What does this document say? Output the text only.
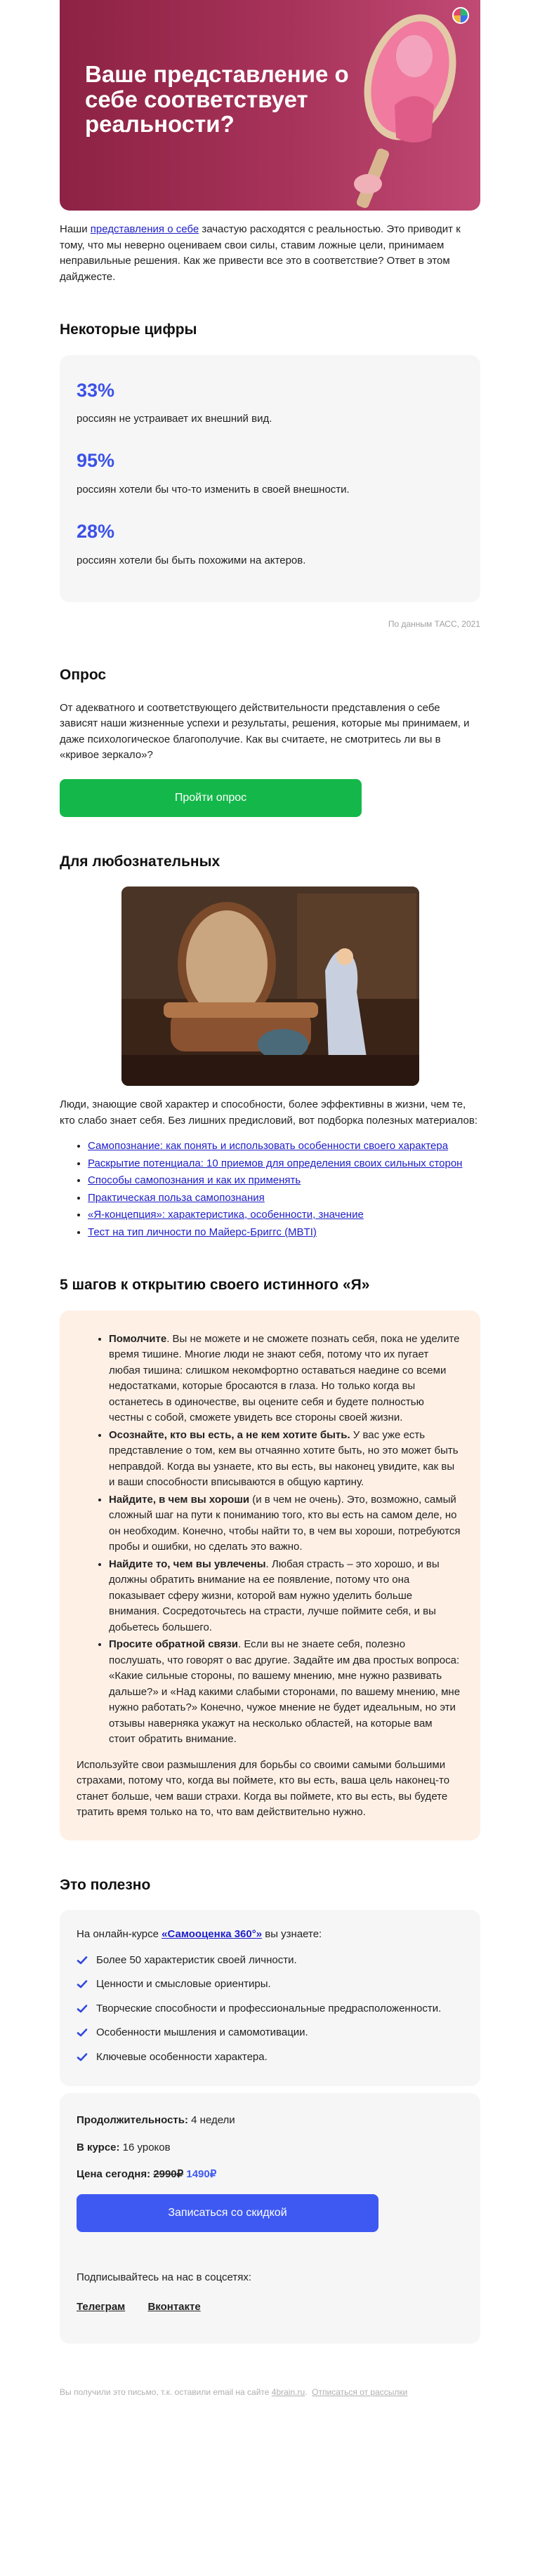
Ваше представление о себе соответствует реальности?

Наши представления о себе зачастую расходятся с реальностью. Это приводит к тому, что мы неверно оцениваем свои силы, ставим ложные цели, принимаем неправильные решения. Как же привести все это в соответствие? Ответ в этом дайджесте.

Некоторые цифры
33%
россиян не устраивает их внешний вид.
95%
россиян хотели бы что-то изменить в своей внешности.
28%
россиян хотели бы быть похожими на актеров.
По данным ТАСС, 2021
Опрос

От адекватного и соответствующего действительности представления о себе зависят наши жизненные успехи и результаты, решения, которые мы принимаем, и даже психологическое благополучие. Как вы считаете, не смотритесь ли вы в «кривое зеркало»?

Пройти опрос
Для любознательных

Люди, знающие свой характер и способности, более эффективны в жизни, чем те, кто слабо знает себя. Без лишних предисловий, вот подборка полезных материалов:

• Самопознание: как понять и использовать особенности своего характера
• Раскрытие потенциала: 10 приемов для определения своих сильных сторон
• Способы самопознания и как их применять
• Практическая польза самопознания
• «Я-концепция»: характеристика, особенности, значение
• Тест на тип личности по Майерс-Бриггс (MBTI)
5 шагов к открытию своего истинного «Я»
• Помолчите. Вы не можете и не сможете познать себя, пока не уделите время тишине. Многие люди не знают себя, потому что их пугает любая тишина: слишком некомфортно оставаться наедине со всеми недостатками, которые бросаются в глаза. Но только когда вы останетесь в одиночестве, вы оцените себя и будете полностью честны с собой, сможете увидеть все стороны своей жизни.
• Осознайте, кто вы есть, а не кем хотите быть. У вас уже есть представление о том, кем вы отчаянно хотите быть, но это может быть неправдой. Когда вы узнаете, кто вы есть, вы наконец увидите, как вы и ваши способности вписываются в общую картину.
• Найдите, в чем вы хороши (и в чем не очень). Это, возможно, самый сложный шаг на пути к пониманию того, кто вы есть на самом деле, но он необходим. Конечно, чтобы найти то, в чем вы хороши, потребуются пробы и ошибки, но сделать это важно.
• Найдите то, чем вы увлечены. Любая страсть – это хорошо, и вы должны обратить внимание на ее появление, потому что она показывает сферу жизни, которой вам нужно уделить больше внимания. Сосредоточьтесь на страсти, лучше поймите себя, и вы добьетесь большего.
• Просите обратной связи. Если вы не знаете себя, полезно послушать, что говорят о вас другие. Задайте им два простых вопроса: «Какие сильные стороны, по вашему мнению, мне нужно развивать дальше?» и «Над какими слабыми сторонами, по вашему мнению, мне нужно работать?» Конечно, чужое мнение не будет идеальным, но эти отзывы наверняка укажут на несколько областей, на которые вам стоит обратить внимание.

Используйте свои размышления для борьбы со своими самыми большими страхами, потому что, когда вы поймете, кто вы есть, ваша цель наконец-то станет больше, чем ваши страхи. Когда вы поймете, кто вы есть, вы будете тратить время только на то, что вам действительно нужно.

Это полезно

На онлайн-курсе «Самооценка 360°» вы узнаете:

Более 50 характеристик своей личности.
Ценности и смысловые ориентиры.
Творческие способности и профессиональные предрасположенности.
Особенности мышления и самомотивации.
Ключевые особенности характера.

Продолжительность: 4 недели

В курсе: 16 уроков

Цена сегодня: 2990₽ 1490₽

Записаться со скидкой

Подписывайтесь на нас в соцсетях:

Телеграм Вконтакте

Вы получили это письмо, т.к. оставили email на сайте 4brain.ru.  Отписаться от рассылки
